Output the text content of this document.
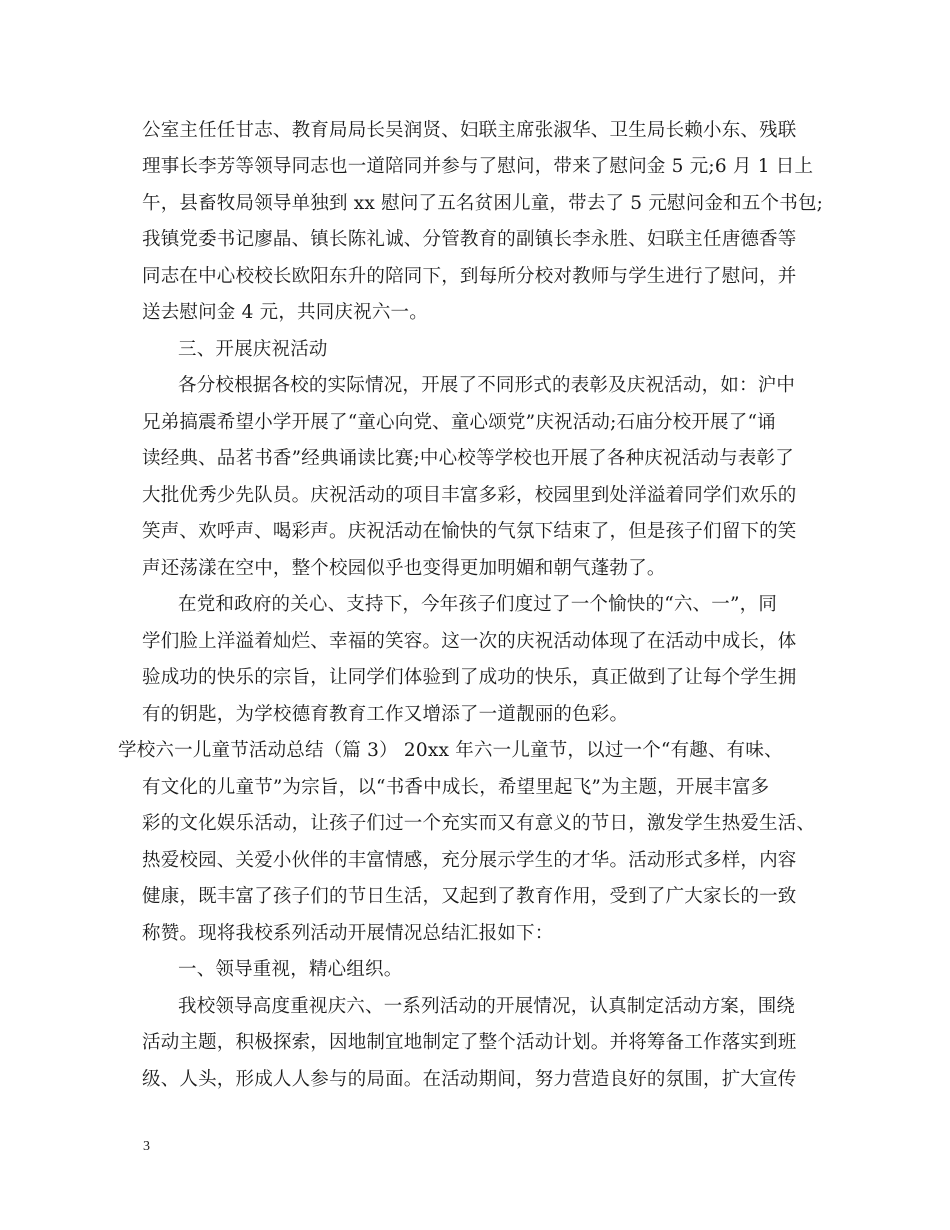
公室主任任甘志、教育局局长吴润贤、妇联主席张淑华、卫生局长赖小东、残联
理事长李芳等领导同志也一道陪同并参与了慰问，带来了慰问金 5 元;6 月 1 日上
午，县畜牧局领导单独到 xx 慰问了五名贫困儿童，带去了 5 元慰问金和五个书包;
我镇党委书记廖晶、镇长陈礼诚、分管教育的副镇长李永胜、妇联主任唐德香等
同志在中心校校长欧阳东升的陪同下，到每所分校对教师与学生进行了慰问，并
送去慰问金 4 元，共同庆祝六一。
三、开展庆祝活动
各分校根据各校的实际情况，开展了不同形式的表彰及庆祝活动，如：沪中
兄弟搞震希望小学开展了“童心向党、童心颂党”庆祝活动;石庙分校开展了“诵
读经典、品茗书香”经典诵读比赛;中心校等学校也开展了各种庆祝活动与表彰了
大批优秀少先队员。庆祝活动的项目丰富多彩，校园里到处洋溢着同学们欢乐的
笑声、欢呼声、喝彩声。庆祝活动在愉快的气氛下结束了，但是孩子们留下的笑
声还荡漾在空中，整个校园似乎也变得更加明媚和朝气蓬勃了。
在党和政府的关心、支持下，今年孩子们度过了一个愉快的“六、一”，同
学们脸上洋溢着灿烂、幸福的笑容。这一次的庆祝活动体现了在活动中成长，体
验成功的快乐的宗旨，让同学们体验到了成功的快乐，真正做到了让每个学生拥
有的钥匙，为学校德育教育工作又增添了一道靓丽的色彩。
学校六一儿童节活动总结（篇 3） 20xx 年六一儿童节，以过一个“有趣、有味、
有文化的儿童节”为宗旨，以“书香中成长，希望里起飞”为主题，开展丰富多
彩的文化娱乐活动，让孩子们过一个充实而又有意义的节日，激发学生热爱生活、
热爱校园、关爱小伙伴的丰富情感，充分展示学生的才华。活动形式多样，内容
健康，既丰富了孩子们的节日生活，又起到了教育作用，受到了广大家长的一致
称赞。现将我校系列活动开展情况总结汇报如下：
一、领导重视，精心组织。
我校领导高度重视庆六、一系列活动的开展情况，认真制定活动方案，围绕
活动主题，积极探索，因地制宜地制定了整个活动计划。并将筹备工作落实到班
级、人头，形成人人参与的局面。在活动期间，努力营造良好的氛围，扩大宣传
3
